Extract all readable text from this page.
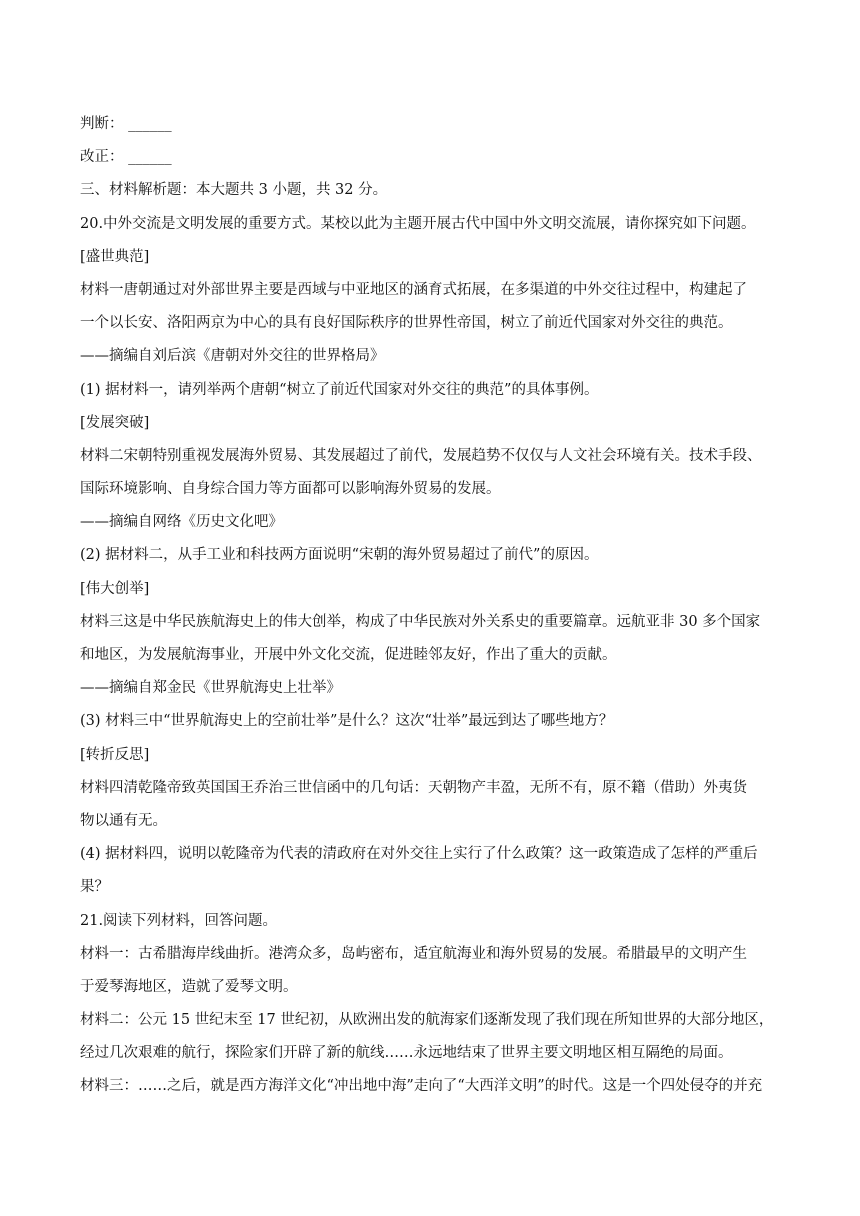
判断： ______
改正： ______
三、材料解析题：本大题共 3 小题，共 32 分。
20.中外交流是文明发展的重要方式。某校以此为主题开展古代中国中外文明交流展，请你探究如下问题。
[盛世典范]
材料一唐朝通过对外部世界主要是西域与中亚地区的涵育式拓展，在多渠道的中外交往过程中，构建起了
一个以长安、洛阳两京为中心的具有良好国际秩序的世界性帝国，树立了前近代国家对外交往的典范。
——摘编自刘后滨《唐朝对外交往的世界格局》
(1) 据材料一，请列举两个唐朝“树立了前近代国家对外交往的典范”的具体事例。
[发展突破]
材料二宋朝特别重视发展海外贸易、其发展超过了前代，发展趋势不仅仅与人文社会环境有关。技术手段、
国际环境影响、自身综合国力等方面都可以影响海外贸易的发展。
——摘编自网络《历史文化吧》
(2) 据材料二，从手工业和科技两方面说明“宋朝的海外贸易超过了前代”的原因。
[伟大创举]
材料三这是中华民族航海史上的伟大创举，构成了中华民族对外关系史的重要篇章。远航亚非 30 多个国家
和地区，为发展航海事业，开展中外文化交流，促进睦邻友好，作出了重大的贡献。
——摘编自郑金民《世界航海史上壮举》
(3) 材料三中“世界航海史上的空前壮举”是什么？这次“壮举”最远到达了哪些地方？
[转折反思]
材料四清乾隆帝致英国国王乔治三世信函中的几句话：天朝物产丰盈，无所不有，原不籍（借助）外夷货
物以通有无。
(4) 据材料四，说明以乾隆帝为代表的清政府在对外交往上实行了什么政策？这一政策造成了怎样的严重后
果？
21.阅读下列材料，回答问题。
材料一：古希腊海岸线曲折。港湾众多，岛屿密布，适宜航海业和海外贸易的发展。希腊最早的文明产生
于爱琴海地区，造就了爱琴文明。
材料二：公元 15 世纪末至 17 世纪初，从欧洲出发的航海家们逐渐发现了我们现在所知世界的大部分地区，
经过几次艰难的航行，探险家们开辟了新的航线……永远地结束了世界主要文明地区相互隔绝的局面。
材料三：……之后，就是西方海洋文化“冲出地中海”走向了“大西洋文明”的时代。这是一个四处侵夺的并充
